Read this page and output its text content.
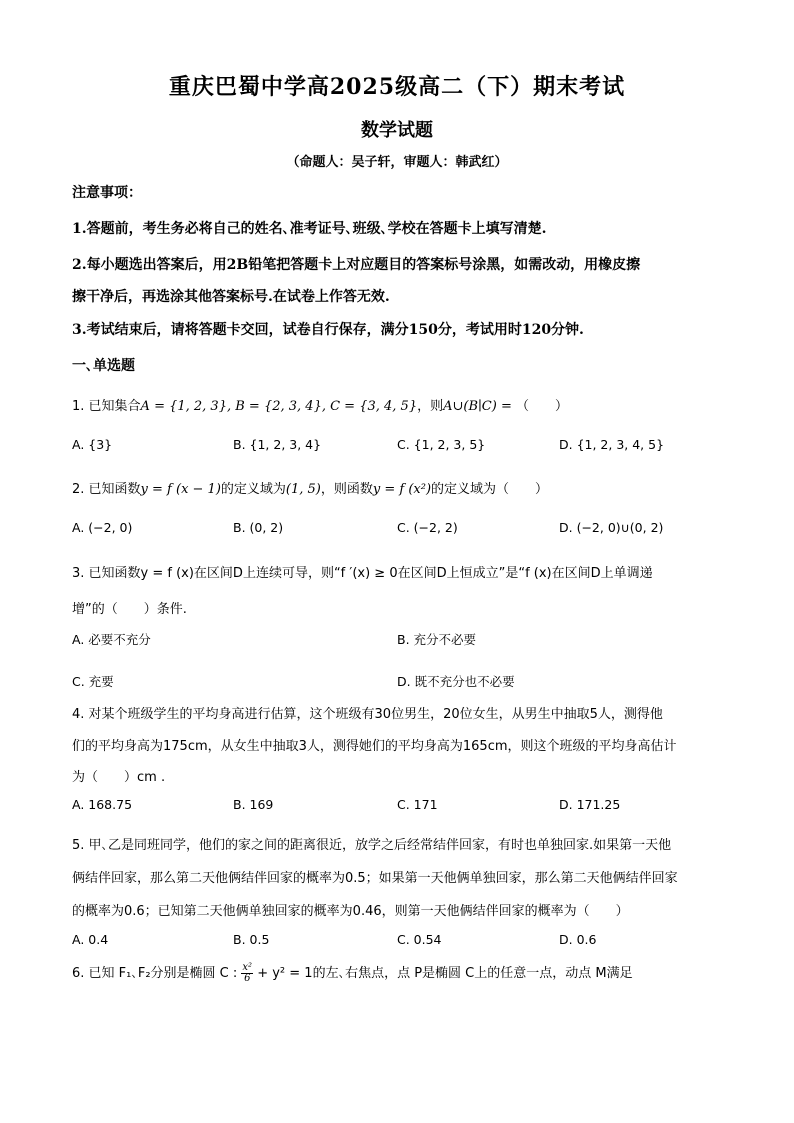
重庆巴蜀中学高2025级高二（下）期末考试
数学试题
（命题人：吴子轩，审题人：韩武红）
注意事项：
1.答题前，考生务必将自己的姓名､准考证号､班级､学校在答题卡上填写清楚.
2.每小题选出答案后，用2B铅笔把答题卡上对应题目的答案标号涂黑，如需改动，用橡皮擦
擦干净后，再选涂其他答案标号.在试卷上作答无效.
3.考试结束后，请将答题卡交回，试卷自行保存，满分150分，考试用时120分钟.
一､单选题
1. 已知集合A = {1, 2, 3}, B = {2, 3, 4}, C = {3, 4, 5}，则A∪(B∣C) = （　　）
A. {3}	B. {1, 2, 3, 4}	C. {1, 2, 3, 5}	D. {1, 2, 3, 4, 5}
2. 已知函数y = f (x − 1)的定义域为(1, 5)，则函数y = f (x²)的定义域为（　　）
A. (−2, 0)	B. (0, 2)	C. (−2, 2)	D. (−2, 0)∪(0, 2)
3. 已知函数y = f (x)在区间D上连续可导，则“f ′(x) ≥ 0在区间D上恒成立”是“f (x)在区间D上单调递
增”的（　　）条件.
A. 必要不充分	B. 充分不必要
C. 充要	D. 既不充分也不必要
4. 对某个班级学生的平均身高进行估算，这个班级有30位男生，20位女生，从男生中抽取5人，测得他
们的平均身高为175cm，从女生中抽取3人，测得她们的平均身高为165cm，则这个班级的平均身高估计
为（　　）cm .
A. 168.75	B. 169	C. 171	D. 171.25
5. 甲､乙是同班同学，他们的家之间的距离很近，放学之后经常结伴回家，有时也单独回家.如果第一天他
俩结伴回家，那么第二天他俩结伴回家的概率为0.5；如果第一天他俩单独回家，那么第二天他俩结伴回家
的概率为0.6；已知第二天他俩单独回家的概率为0.46，则第一天他俩结伴回家的概率为（　　）
A. 0.4	B. 0.5	C. 0.54	D. 0.6
6. 已知 F₁､F₂分别是椭圆 C : $\frac{\text{x²}}{6} + y^2 = 1$的左､右焦点，点 P是椭圆 C上的任意一点，动点 M满足
